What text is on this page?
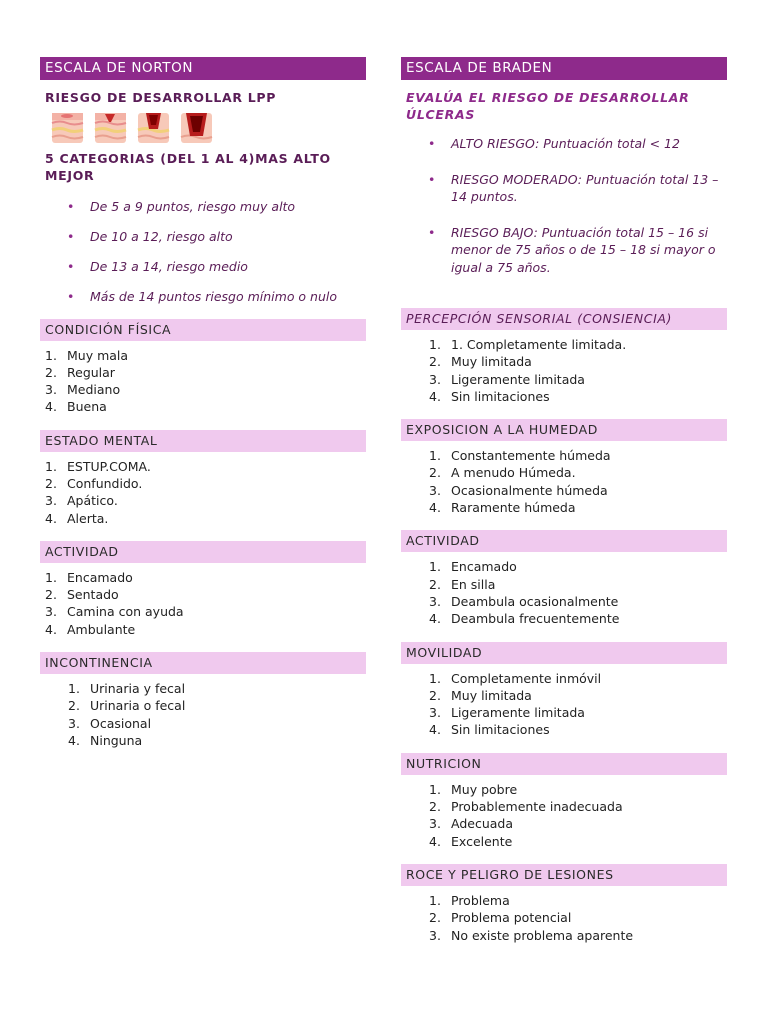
ESCALA DE NORTON
RIESGO DE DESARROLLAR LPP
5 CATEGORIAS (DEL 1 AL 4)MAS ALTO MEJOR
• De 5 a 9 puntos, riesgo muy alto
• De 10 a 12, riesgo alto
• De 13 a 14, riesgo medio
• Más de 14 puntos riesgo mínimo o nulo
CONDICIÓN FÍSICA
1. Muy mala
2. Regular
3. Mediano
4. Buena
ESTADO MENTAL
1. ESTUP.COMA.
2. Confundido.
3. Apático.
4. Alerta.
ACTIVIDAD
1. Encamado
2. Sentado
3. Camina con ayuda
4. Ambulante
INCONTINENCIA
1. Urinaria y fecal
2. Urinaria o fecal
3. Ocasional
4. Ninguna
ESCALA DE BRADEN
EVALÚA EL RIESGO DE DESARROLLAR ÚLCERAS
• ALTO RIESGO: Puntuación total < 12
• RIESGO MODERADO: Puntuación total 13 – 14 puntos.
• RIESGO BAJO: Puntuación total 15 – 16 si menor de 75 años o de 15 – 18 si mayor o igual a 75 años.
PERCEPCIÓN SENSORIAL (CONSIENCIA)
1. 1. Completamente limitada.
2. Muy limitada
3. Ligeramente limitada
4. Sin limitaciones
EXPOSICION A LA HUMEDAD
1. Constantemente húmeda
2. A menudo Húmeda.
3. Ocasionalmente húmeda
4. Raramente húmeda
ACTIVIDAD
1. Encamado
2. En silla
3. Deambula ocasionalmente
4. Deambula frecuentemente
MOVILIDAD
1. Completamente inmóvil
2. Muy limitada
3. Ligeramente limitada
4. Sin limitaciones
NUTRICION
1. Muy pobre
2. Probablemente inadecuada
3. Adecuada
4. Excelente
ROCE Y PELIGRO DE LESIONES
1. Problema
2. Problema potencial
3. No existe problema aparente
